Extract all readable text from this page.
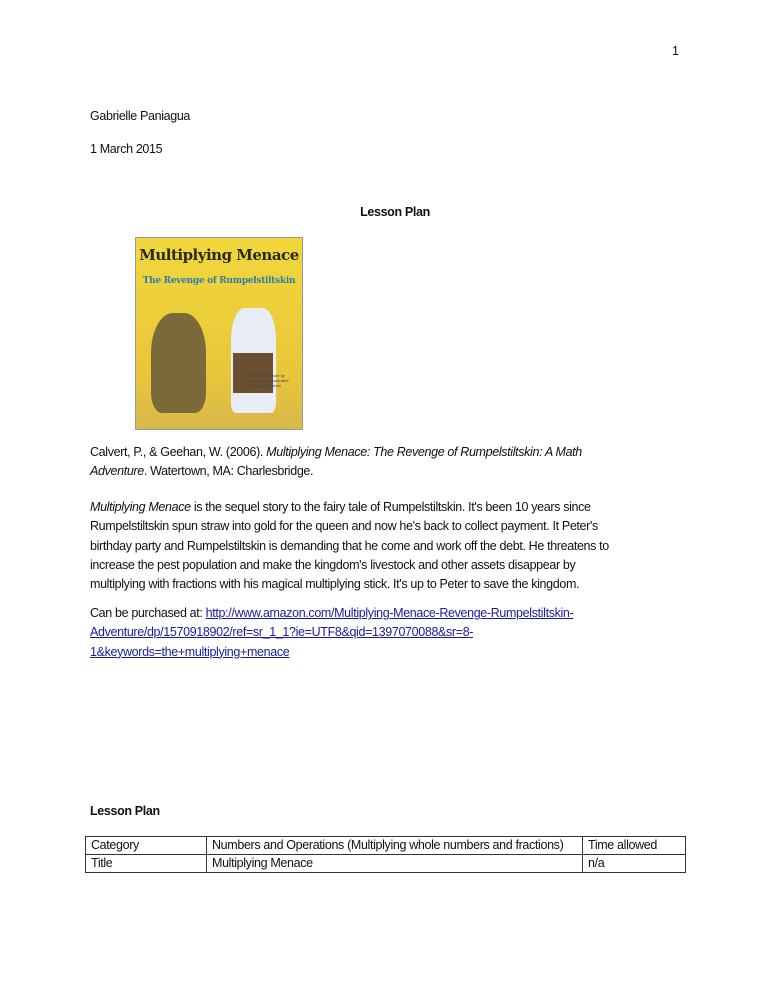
1
Gabrielle Paniagua
1 March 2015
Lesson Plan
Multiplying Menace
The Revenge of Rumpelstiltskin
A Math Adventure by Pam Calvert Illustrated by Wayne Geehan
Calvert, P., & Geehan, W. (2006). Multiplying Menace: The Revenge of Rumpelstiltskin: A Math
Adventure. Watertown, MA: Charlesbridge.
Multiplying Menace is the sequel story to the fairy tale of Rumpelstiltskin. It's been 10 years since
Rumpelstiltskin spun straw into gold for the queen and now he's back to collect payment. It Peter's
birthday party and Rumpelstiltskin is demanding that he come and work off the debt. He threatens to
increase the pest population and make the kingdom's livestock and other assets disappear by
multiplying with fractions with his magical multiplying stick. It's up to Peter to save the kingdom.
Can be purchased at: http://www.amazon.com/Multiplying-Menace-Revenge-Rumpelstiltskin-
Adventure/dp/1570918902/ref=sr_1_1?ie=UTF8&qid=1397070088&sr=8-
1&keywords=the+multiplying+menace
Lesson Plan
Category	Numbers and Operations (Multiplying whole numbers and fractions)	Time allowed
Title	Multiplying Menace	n/a
